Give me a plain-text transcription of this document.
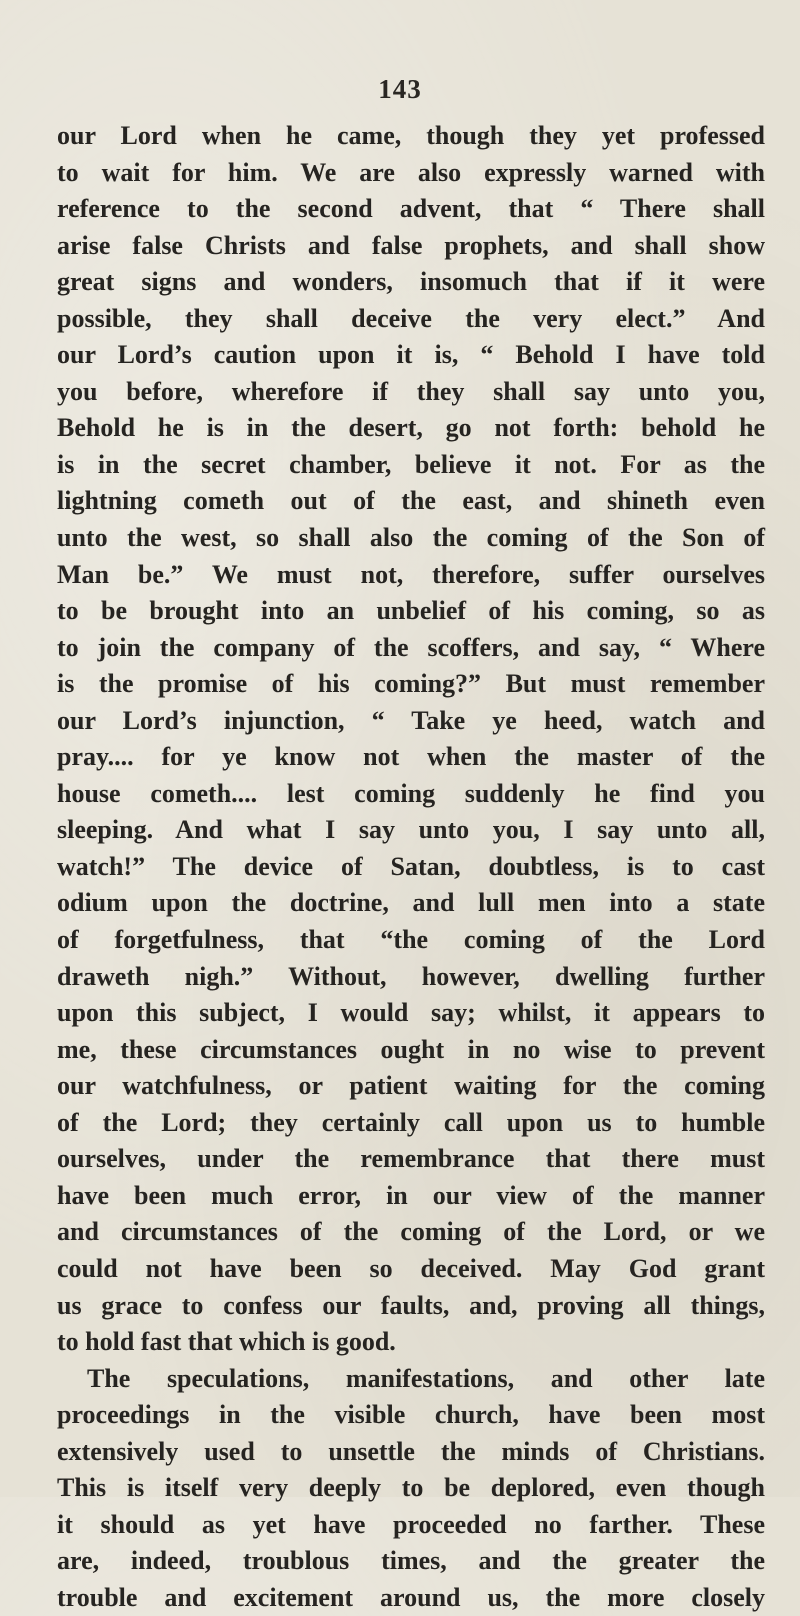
143
our Lord when he came, though they yet professed
to wait for him. We are also expressly warned with
reference to the second advent, that “ There shall
arise false Christs and false prophets, and shall show
great signs and wonders, insomuch that if it were
possible, they shall deceive the very elect.” And
our Lord’s caution upon it is, “ Behold I have told
you before, wherefore if they shall say unto you,
Behold he is in the desert, go not forth: behold he
is in the secret chamber, believe it not. For as the
lightning cometh out of the east, and shineth even
unto the west, so shall also the coming of the Son of
Man be.” We must not, therefore, suffer ourselves
to be brought into an unbelief of his coming, so as
to join the company of the scoffers, and say, “ Where
is the promise of his coming?” But must remember
our Lord’s injunction, “ Take ye heed, watch and
pray.... for ye know not when the master of the
house cometh.... lest coming suddenly he find you
sleeping. And what I say unto you, I say unto all,
watch!” The device of Satan, doubtless, is to cast
odium upon the doctrine, and lull men into a state
of forgetfulness, that “the coming of the Lord
draweth nigh.” Without, however, dwelling further
upon this subject, I would say; whilst, it appears to
me, these circumstances ought in no wise to prevent
our watchfulness, or patient waiting for the coming
of the Lord; they certainly call upon us to humble
ourselves, under the remembrance that there must
have been much error, in our view of the manner
and circumstances of the coming of the Lord, or we
could not have been so deceived. May God grant
us grace to confess our faults, and, proving all things,
to hold fast that which is good.
The speculations, manifestations, and other late
proceedings in the visible church, have been most
extensively used to unsettle the minds of Christians.
This is itself very deeply to be deplored, even though
it should as yet have proceeded no farther. These
are, indeed, troublous times, and the greater the
trouble and excitement around us, the more closely
